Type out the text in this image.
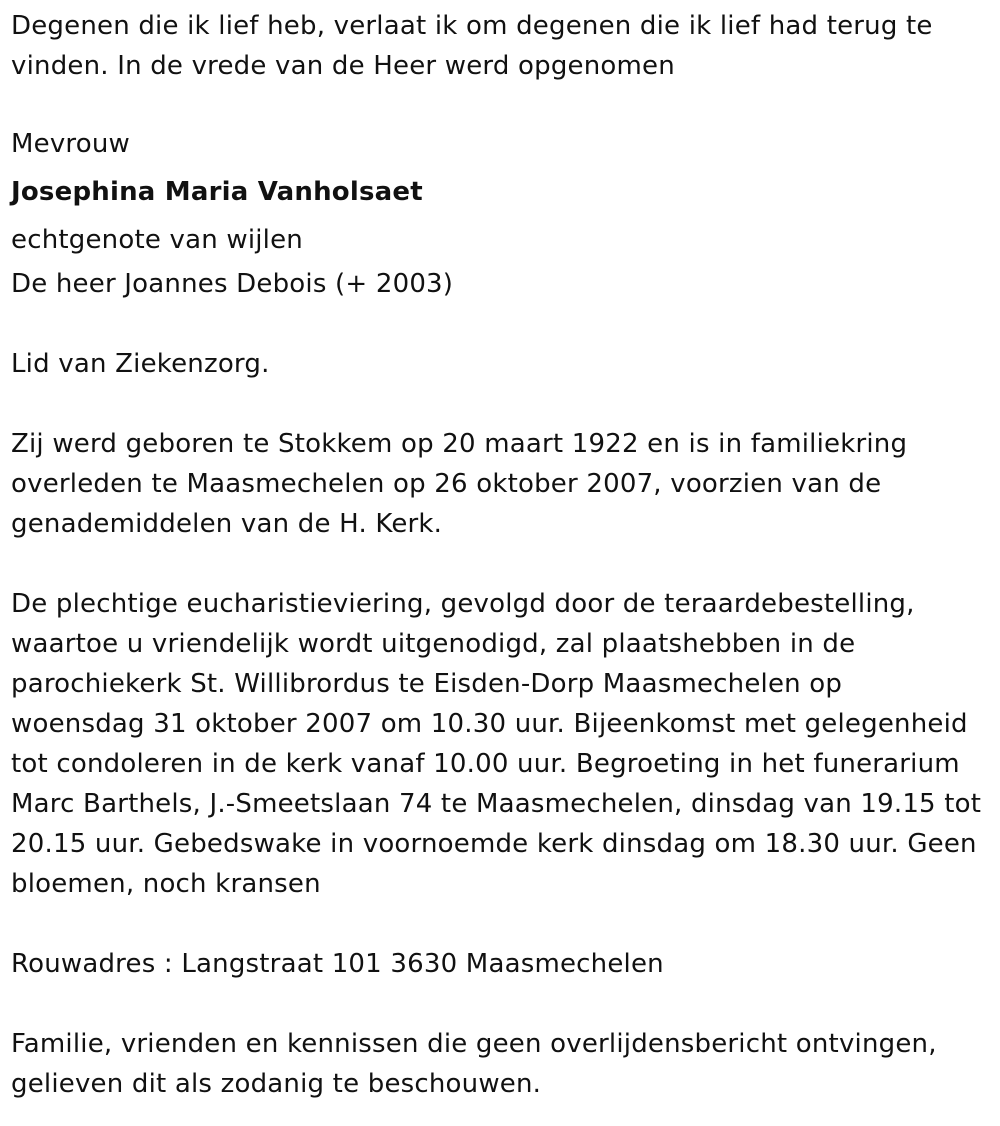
Degenen die ik lief heb, verlaat ik om degenen die ik lief had terug te
vinden. In de vrede van de Heer werd opgenomen
Mevrouw
Josephina Maria Vanholsaet
echtgenote van wijlen
De heer Joannes Debois (+ 2003)
Lid van Ziekenzorg.
Zij werd geboren te Stokkem op 20 maart 1922 en is in familiekring
overleden te Maasmechelen op 26 oktober 2007, voorzien van de
genademiddelen van de H. Kerk.
De plechtige eucharistieviering, gevolgd door de teraardebestelling,
waartoe u vriendelijk wordt uitgenodigd, zal plaatshebben in de
parochiekerk St. Willibrordus te Eisden-Dorp Maasmechelen op
woensdag 31 oktober 2007 om 10.30 uur. Bijeenkomst met gelegenheid
tot condoleren in de kerk vanaf 10.00 uur. Begroeting in het funerarium
Marc Barthels, J.-Smeetslaan 74 te Maasmechelen, dinsdag van 19.15 tot
20.15 uur. Gebedswake in voornoemde kerk dinsdag om 18.30 uur. Geen
bloemen, noch kransen
Rouwadres : Langstraat 101 3630 Maasmechelen
Familie, vrienden en kennissen die geen overlijdensbericht ontvingen,
gelieven dit als zodanig te beschouwen.
